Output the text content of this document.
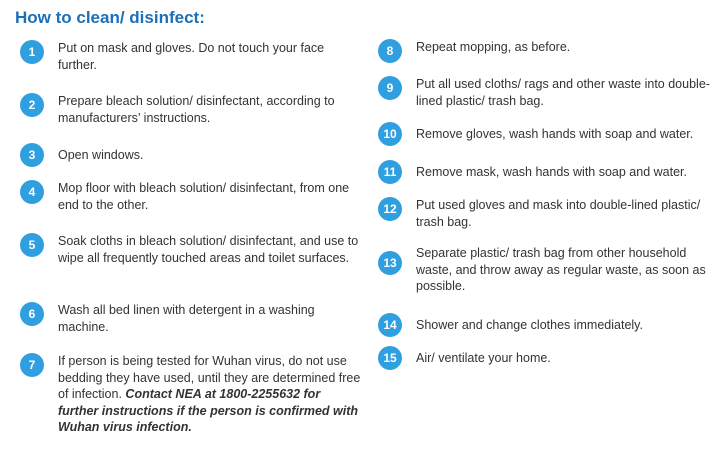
How to clean/ disinfect:
1	Put on mask and gloves. Do not touch your face further.
2	Prepare bleach solution/ disinfectant, according to manufacturers’ instructions.
3	Open windows.
4	Mop floor with bleach solution/ disinfectant, from one end to the other.
5	Soak cloths in bleach solution/ disinfectant, and use to wipe all frequently touched areas and toilet surfaces.
6	Wash all bed linen with detergent in a washing machine.
7	If person is being tested for Wuhan virus, do not use bedding they have used, until they are determined free of infection. Contact NEA at 1800-2255632 for further instructions if the person is confirmed with Wuhan virus infection.
8	Repeat mopping, as before.
9	Put all used cloths/ rags and other waste into double-lined plastic/ trash bag.
10	Remove gloves, wash hands with soap and water.
11	Remove mask, wash hands with soap and water.
12	Put used gloves and mask into double-lined plastic/ trash bag.
13
Separate plastic/ trash bag from other household waste, and throw away as regular waste, as soon as possible.
14	Shower and change clothes immediately.
15	Air/ ventilate your home.
